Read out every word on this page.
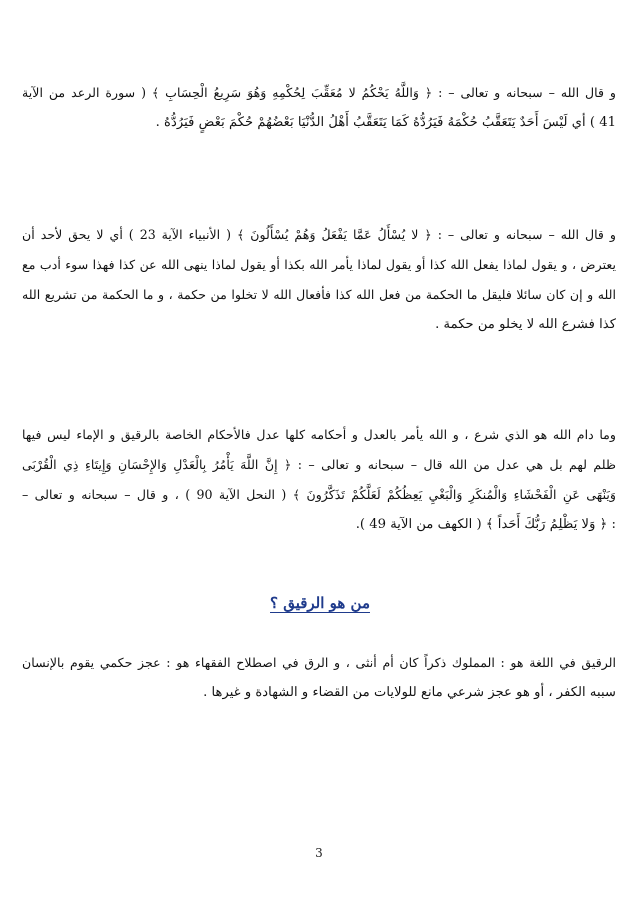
و قال الله – سبحانه و تعالى – : ﴿ وَاللَّهُ يَحْكُمُ لا مُعَقِّبَ لِحُكْمِهِ وَهُوَ سَرِيعُ الْحِسَابِ ﴾ ( سورة الرعد من الآية
41 ) أي لَيْسَ أَحَدٌ يَتَعَقَّبُ حُكْمَهُ فَيَرُدُّهُ كَمَا يَتَعَقَّبُ أَهْلُ الدُّنْيَا بَعْضُهُمْ حُكْمَ بَعْضٍ فَيَرُدُّهُ .
و قال الله – سبحانه و تعالى – : ﴿ لا يُسْأَلُ عَمَّا يَفْعَلُ وَهُمْ يُسْأَلُونَ ﴾ ( الأنبياء الآية 23 ) أي لا يحق لأحد أن
يعترض ، و يقول لماذا يفعل الله كذا أو يقول لماذا يأمر الله بكذا أو يقول لماذا ينهى الله عن كذا فهذا سوء أدب مع
الله و إن كان سائلا فليقل ما الحكمة من فعل الله كذا فأفعال الله لا تخلوا من حكمة ، و ما الحكمة من تشريع الله
كذا فشرع الله لا يخلو من حكمة .
وما دام الله هو الذي شرع ، و الله يأمر بالعدل و أحكامه كلها عدل فالأحكام الخاصة بالرقيق و الإماء ليس فيها
ظلم لهم بل هي عدل من الله قال – سبحانه و تعالى – : ﴿ إِنَّ اللَّهَ يَأْمُرُ بِالْعَدْلِ وَالإِحْسَانِ وَإِيتَاءِ ذِي الْقُرْبَى
وَيَنْهَى عَنِ الْفَحْشَاءِ وَالْمُنكَرِ وَالْبَغْيِ يَعِظُكُمْ لَعَلَّكُمْ تَذَكَّرُونَ ﴾ ( النحل الآية 90 ) ، و قال – سبحانه و تعالى –
: ﴿ وَلا يَظْلِمُ رَبُّكَ أَحَداً ﴾ ( الكهف من الآية 49 ).
من هو الرقيق ؟
الرقيق في اللغة هو : المملوك ذكراً كان أم أنثى ، و الرق في اصطلاح الفقهاء هو : عجز حكمي يقوم بالإنسان
سببه الكفر ، أو هو عجز شرعي مانع للولايات من القضاء و الشهادة و غيرها .
3
